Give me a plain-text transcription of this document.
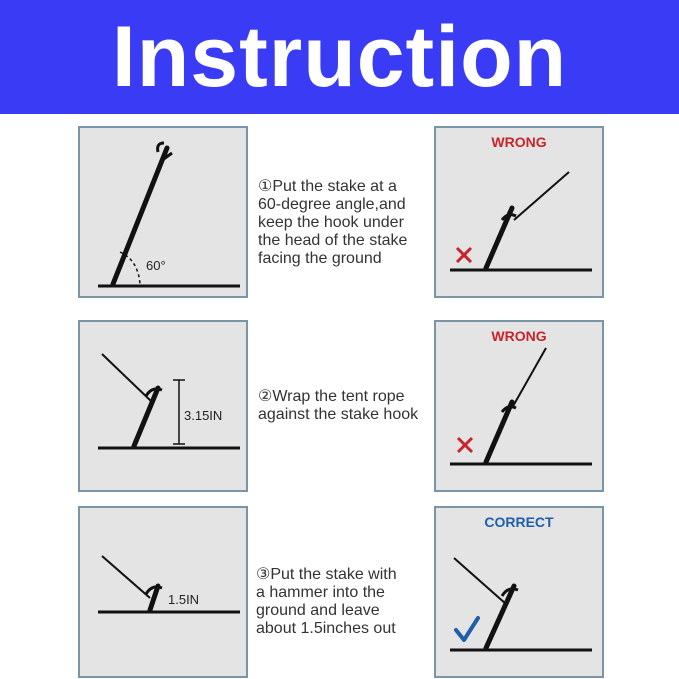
Instruction
60°
①Put the stake at a
60-degree angle,and
keep the hook under
the head of the stake
facing the ground
WRONG
3.15IN
②Wrap the tent rope
against the stake hook
WRONG
1.5IN
③Put the stake with
a hammer into the
ground and leave
about 1.5inches out
CORRECT
